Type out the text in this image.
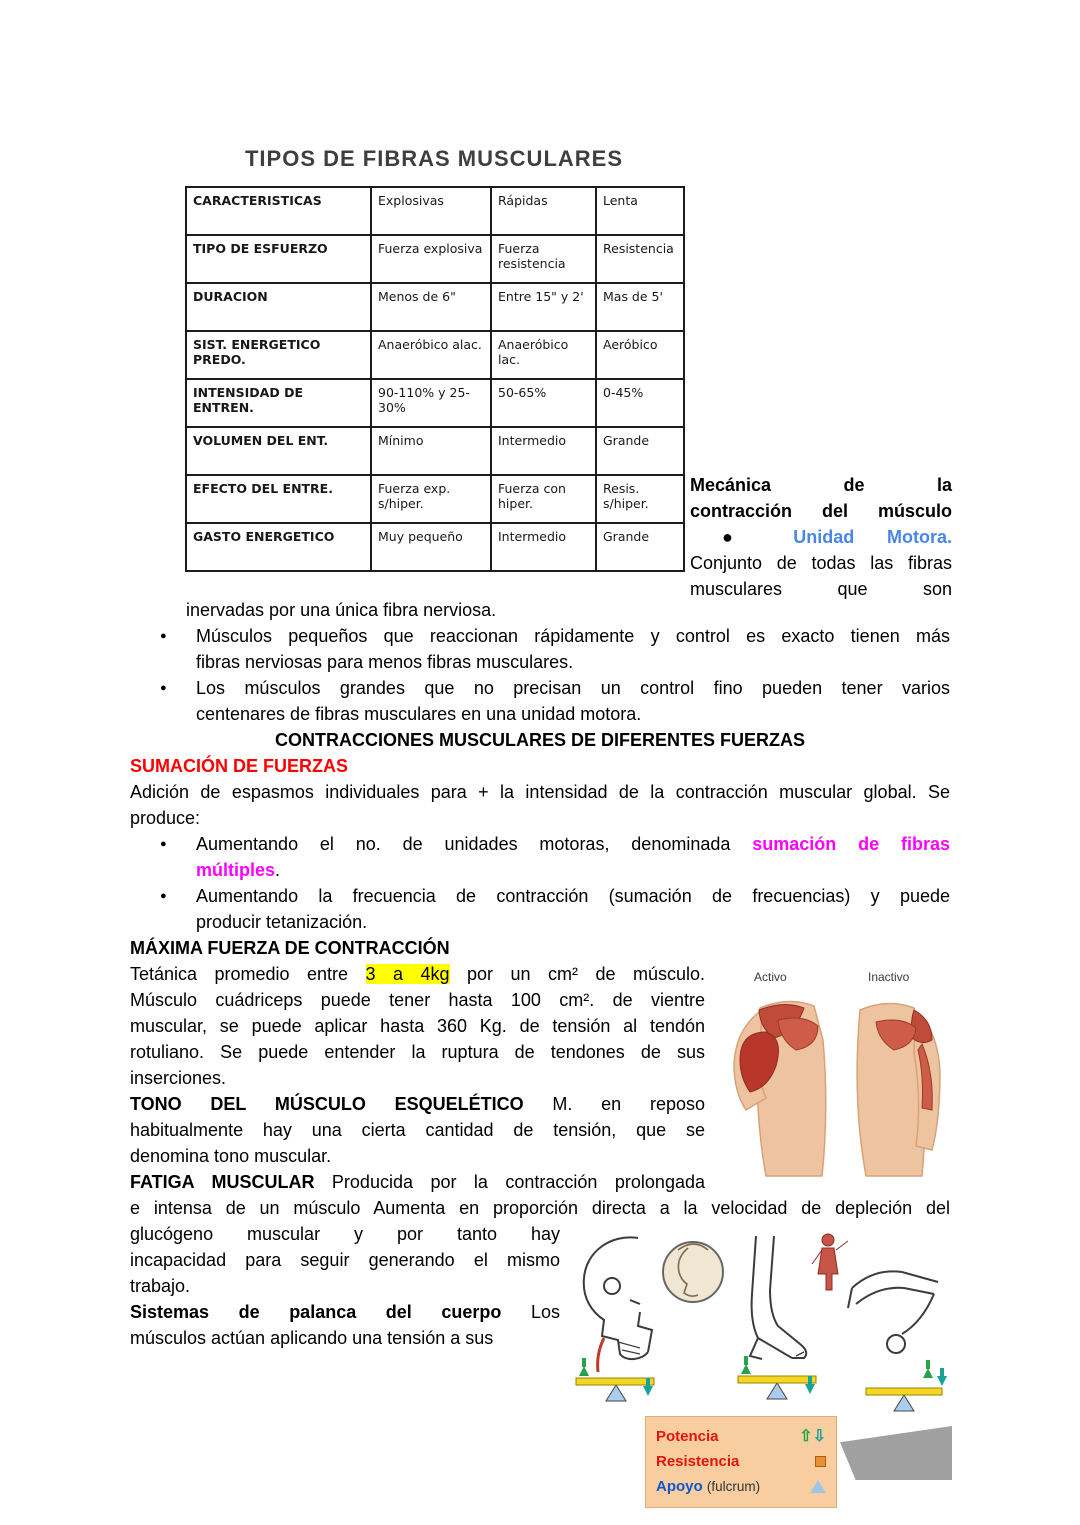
TIPOS DE FIBRAS MUSCULARES
CARACTERISTICAS	Explosivas	Rápidas	Lenta
TIPO DE ESFUERZO	Fuerza explosiva	Fuerza resistencia	Resistencia
DURACION	Menos de 6"	Entre 15" y 2'	Mas de 5'
SIST. ENERGETICO PREDO.	Anaeróbico alac.	Anaeróbico lac.	Aeróbico
INTENSIDAD DE ENTREN.	90-110% y 25-30%	50-65%	0-45%
VOLUMEN DEL ENT.	Mínimo	Intermedio	Grande
EFECTO DEL ENTRE.	Fuerza exp. s/hiper.	Fuerza con hiper.	Resis. s/hiper.
GASTO ENERGETICO	Muy pequeño	Intermedio	Grande
Mecánica de la
contracción del músculo
● Unidad Motora.
Conjunto de todas las fibras
musculares que son
inervadas por una única fibra nerviosa.
● Músculos pequeños que reaccionan rápidamente y control es exacto tienen más
fibras nerviosas para menos fibras musculares.
● Los músculos grandes que no precisan un control fino pueden tener varios
centenares de fibras musculares en una unidad motora.
CONTRACCIONES MUSCULARES DE DIFERENTES FUERZAS
SUMACIÓN DE FUERZAS
Adición de espasmos individuales para + la intensidad de la contracción muscular global. Se
produce:
● Aumentando el no. de unidades motoras, denominada sumación de fibras
múltiples.
● Aumentando la frecuencia de contracción (sumación de frecuencias) y puede
producir tetanización.
MÁXIMA FUERZA DE CONTRACCIÓN
Tetánica promedio entre 3 a 4kg por un cm² de músculo.
Músculo cuádriceps puede tener hasta 100 cm². de vientre
muscular, se puede aplicar hasta 360 Kg. de tensión al tendón
rotuliano. Se puede entender la ruptura de tendones de sus
inserciones.
TONO DEL MÚSCULO ESQUELÉTICO M. en reposo
habitualmente hay una cierta cantidad de tensión, que se
denomina tono muscular.
FATIGA MUSCULAR Producida por la contracción prolongada
e intensa de un músculo Aumenta en proporción directa a la velocidad de depleción del
glucógeno muscular y por tanto hay
incapacidad para seguir generando el mismo
trabajo.
Sistemas de palanca del cuerpo Los
músculos actúan aplicando una tensión a sus
Activo	Inactivo
Potencia	⇧⇩
Resistencia
Apoyo (fulcrum)
